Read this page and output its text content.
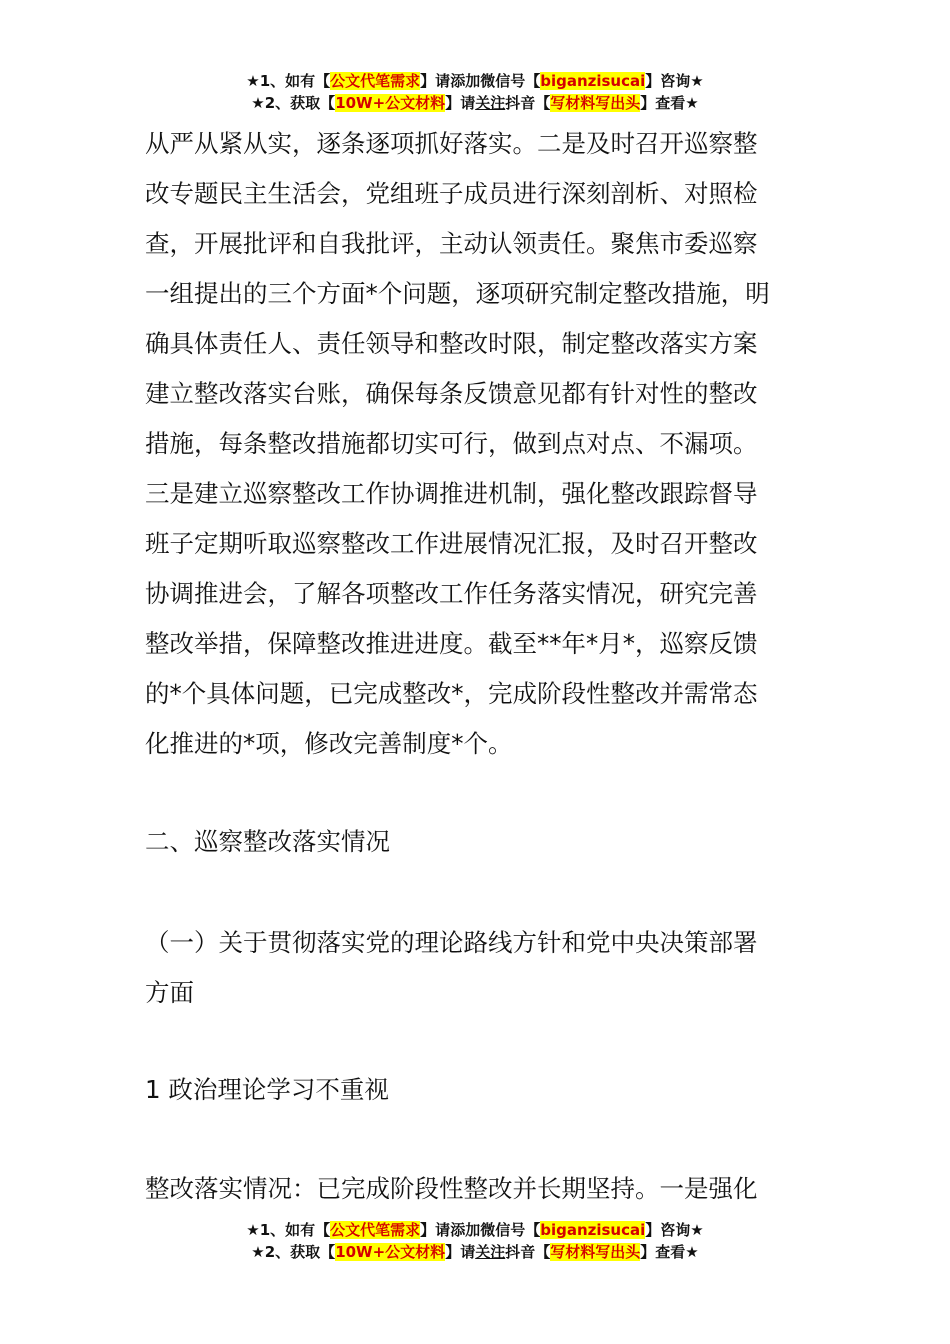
★1、如有【公文代笔需求】请添加微信号【biganzisucai】咨询★
★2、获取【10W+公文材料】请关注抖音【写材料写出头】查看★
从严从紧从实，逐条逐项抓好落实。二是及时召开巡察整
改专题民主生活会，党组班子成员进行深刻剖析、对照检
查，开展批评和自我批评，主动认领责任。聚焦市委巡察
一组提出的三个方面*个问题，逐项研究制定整改措施，明
确具体责任人、责任领导和整改时限，制定整改落实方案
建立整改落实台账，确保每条反馈意见都有针对性的整改
措施，每条整改措施都切实可行，做到点对点、不漏项。
三是建立巡察整改工作协调推进机制，强化整改跟踪督导
班子定期听取巡察整改工作进展情况汇报，及时召开整改
协调推进会，了解各项整改工作任务落实情况，研究完善
整改举措，保障整改推进进度。截至**年*月*，巡察反馈
的*个具体问题，已完成整改*，完成阶段性整改并需常态
化推进的*项，修改完善制度*个。
二、巡察整改落实情况
（一）关于贯彻落实党的理论路线方针和党中央决策部署
方面
1 政治理论学习不重视
整改落实情况：已完成阶段性整改并长期坚持。一是强化
★1、如有【公文代笔需求】请添加微信号【biganzisucai】咨询★
★2、获取【10W+公文材料】请关注抖音【写材料写出头】查看★
